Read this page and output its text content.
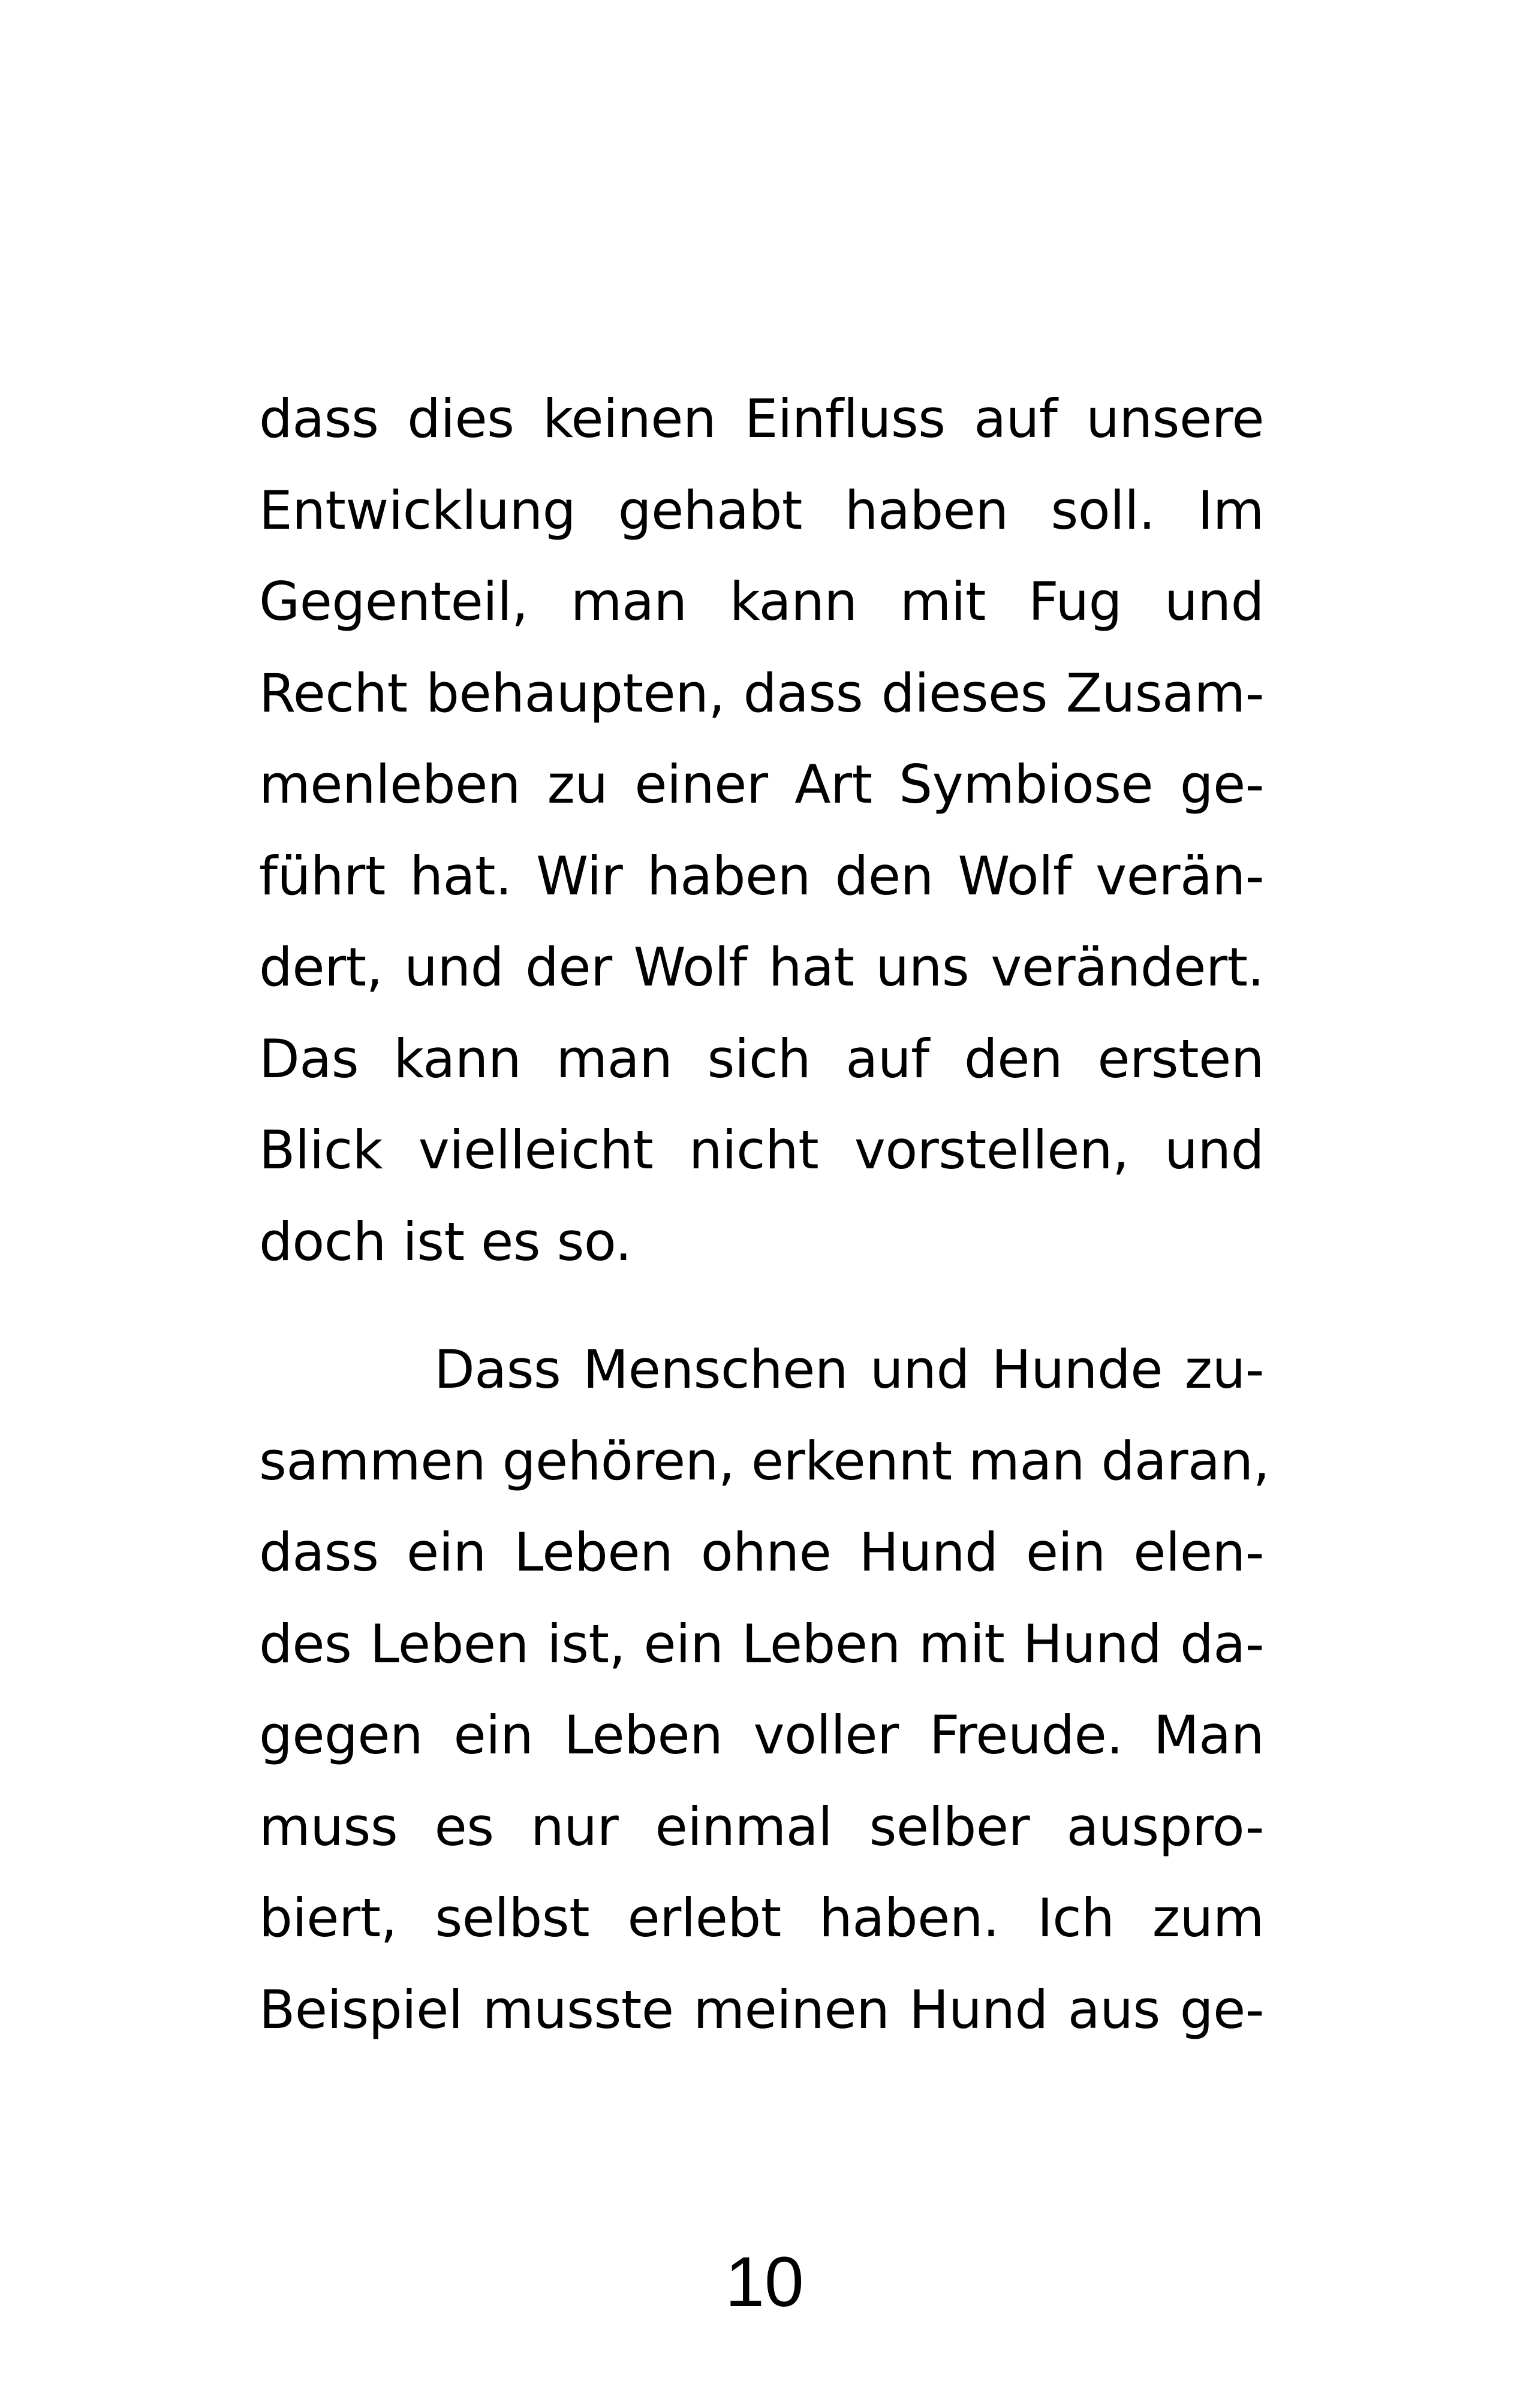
dass dies keinen Einfluss auf unsere
Entwicklung gehabt haben soll. Im
Gegenteil, man kann mit Fug und
Recht behaupten, dass dieses Zusam-
menleben zu einer Art Symbiose ge-
führt hat. Wir haben den Wolf verän-
dert, und der Wolf hat uns verändert.
Das kann man sich auf den ersten
Blick vielleicht nicht vorstellen, und
doch ist es so.
Dass Menschen und Hunde zu-
sammen gehören, erkennt man daran,
dass ein Leben ohne Hund ein elen-
des Leben ist, ein Leben mit Hund da-
gegen ein Leben voller Freude. Man
muss es nur einmal selber auspro-
biert, selbst erlebt haben. Ich zum
Beispiel musste meinen Hund aus ge-
10
